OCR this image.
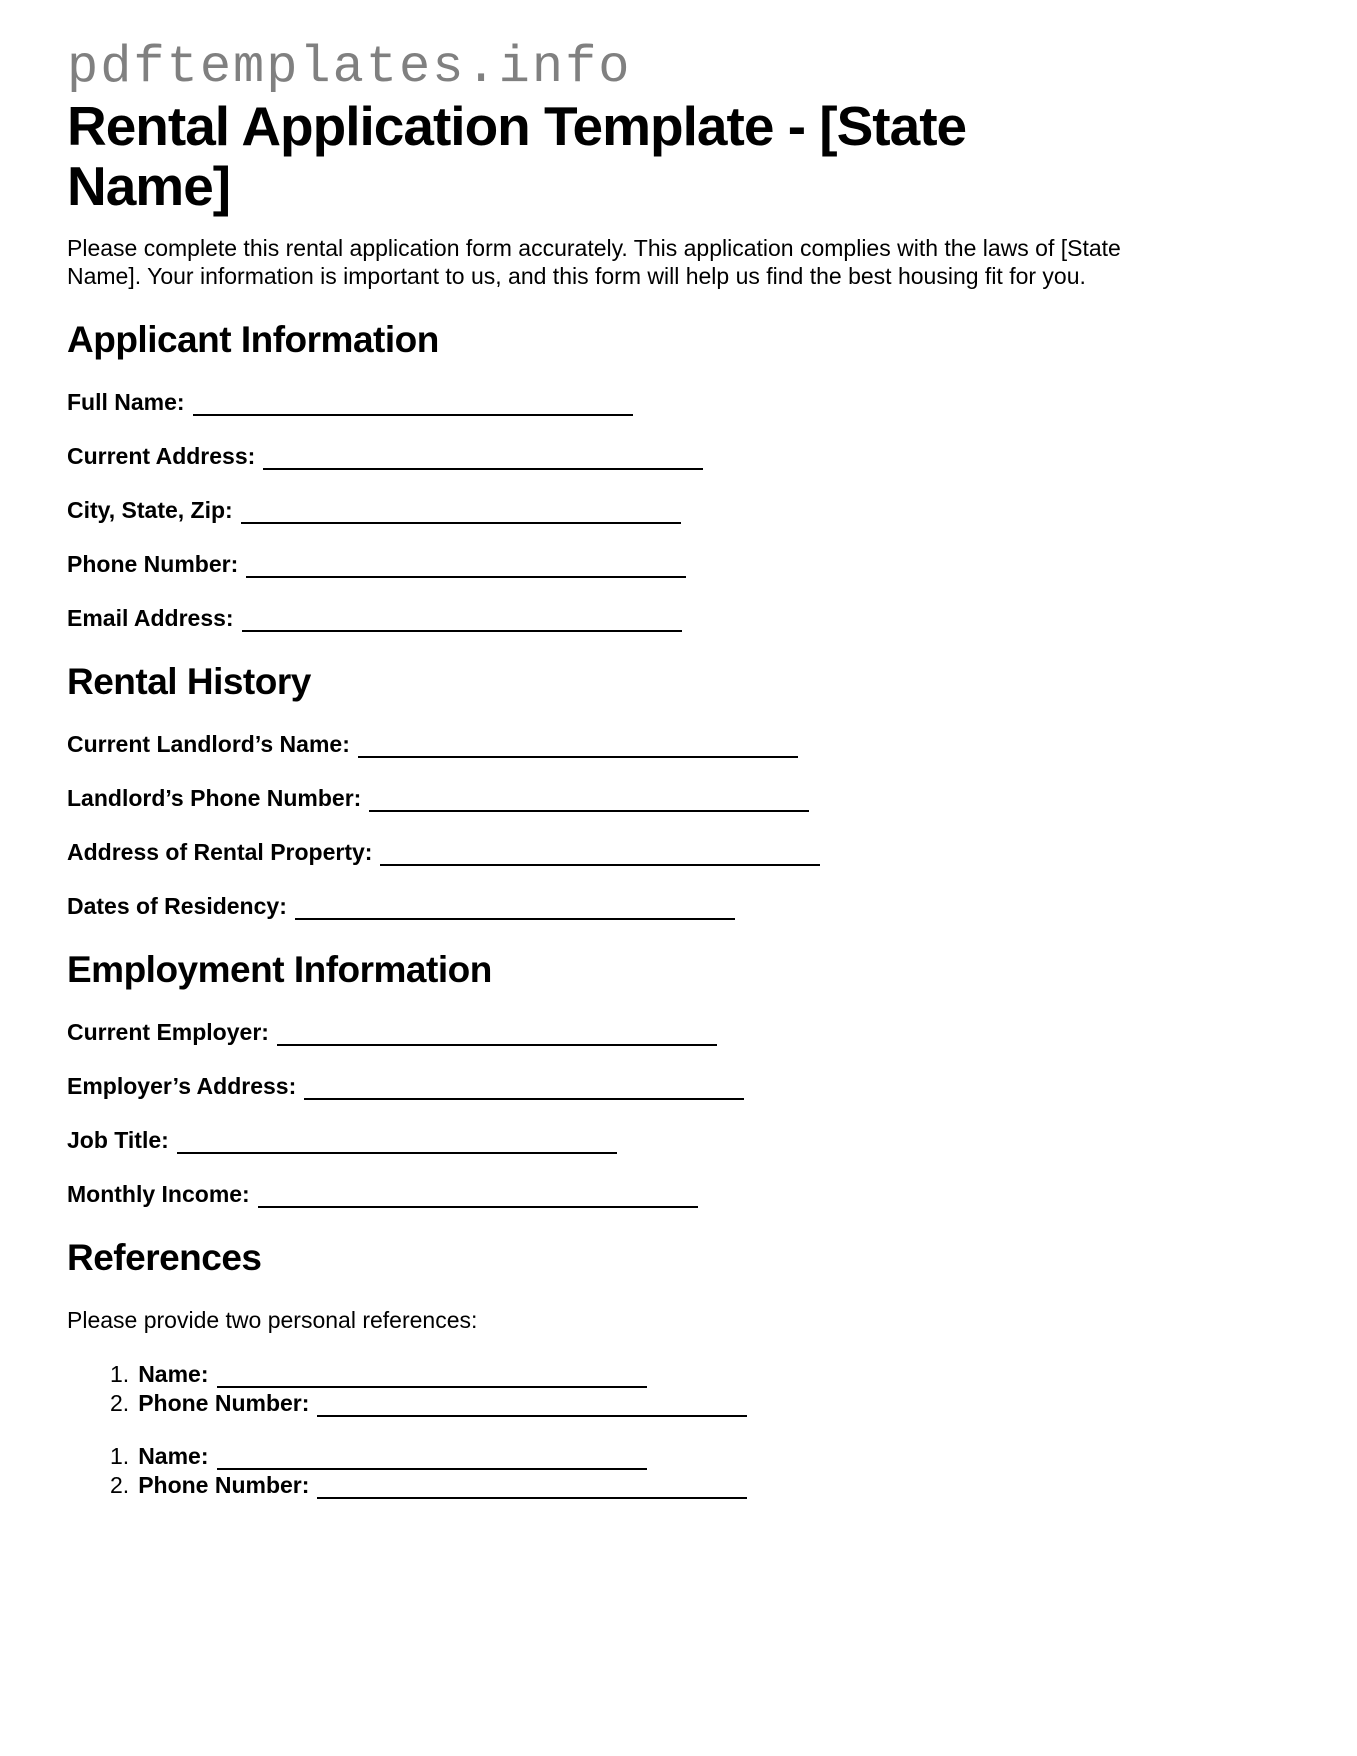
pdftemplates.info
Rental Application Template - [State Name]

Please complete this rental application form accurately. This application complies with the laws of [State Name]. Your information is important to us, and this form will help us find the best housing fit for you.

Applicant Information

Full Name:

Current Address:

City, State, Zip:

Phone Number:

Email Address:

Rental History

Current Landlord’s Name:

Landlord’s Phone Number:

Address of Rental Property:

Dates of Residency:

Employment Information

Current Employer:

Employer’s Address:

Job Title:

Monthly Income:

References

Please provide two personal references:

1. Name:

2. Phone Number:

1. Name:

2. Phone Number:
